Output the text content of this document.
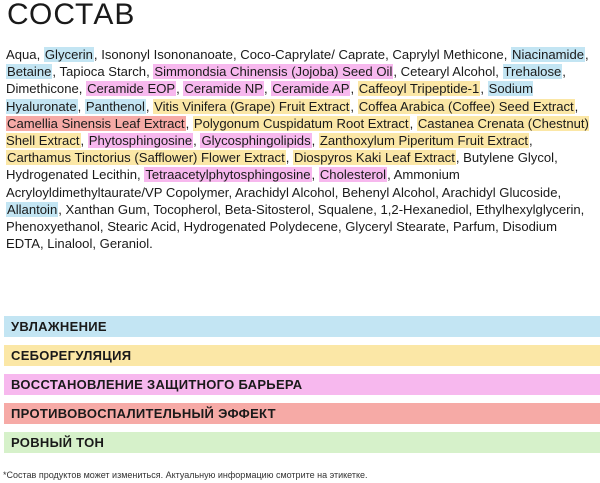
СОСТАВ

Aqua, Glycerin, Isononyl Isononanoate, Coco-Caprylate/ Caprate, Caprylyl Methicone, Niacinamide, Betaine, Tapioca Starch, Simmondsia Chinensis (Jojoba) Seed Oil, Cetearyl Alcohol, Trehalose, Dimethicone, Ceramide EOP, Ceramide NP, Ceramide AP, Caffeoyl Tripeptide-1, Sodium Hyaluronate, Panthenol, Vitis Vinifera (Grape) Fruit Extract, Coffea Arabica (Coffee) Seed Extract, Camellia Sinensis Leaf Extract, Polygonum Cuspidatum Root Extract, Castanea Crenata (Chestnut) Shell Extract, Phytosphingosine, Glycosphingolipids, Zanthoxylum Piperitum Fruit Extract, Carthamus Tinctorius (Safflower) Flower Extract, Diospyros Kaki Leaf Extract, Butylene Glycol, Hydrogenated Lecithin, Tetraacetylphytosphingosine, Cholesterol, Ammonium Acryloyldimethyltaurate/VP Copolymer, Arachidyl Alcohol, Behenyl Alcohol, Arachidyl Glucoside, Allantoin, Xanthan Gum, Tocopherol, Beta-Sitosterol, Squalene, 1,2-Hexanediol, Ethylhexylglycerin, Phenoxyethanol, Stearic Acid, Hydrogenated Polydecene, Glyceryl Stearate, Parfum, Disodium EDTA, Linalool, Geraniol.

УВЛАЖНЕНИЕ
СЕБОРЕГУЛЯЦИЯ
ВОССТАНОВЛЕНИЕ ЗАЩИТНОГО БАРЬЕРА
ПРОТИВОВОСПАЛИТЕЛЬНЫЙ ЭФФЕКТ
РОВНЫЙ ТОН
*Состав продуктов может измениться. Актуальную информацию смотрите на этикетке.
